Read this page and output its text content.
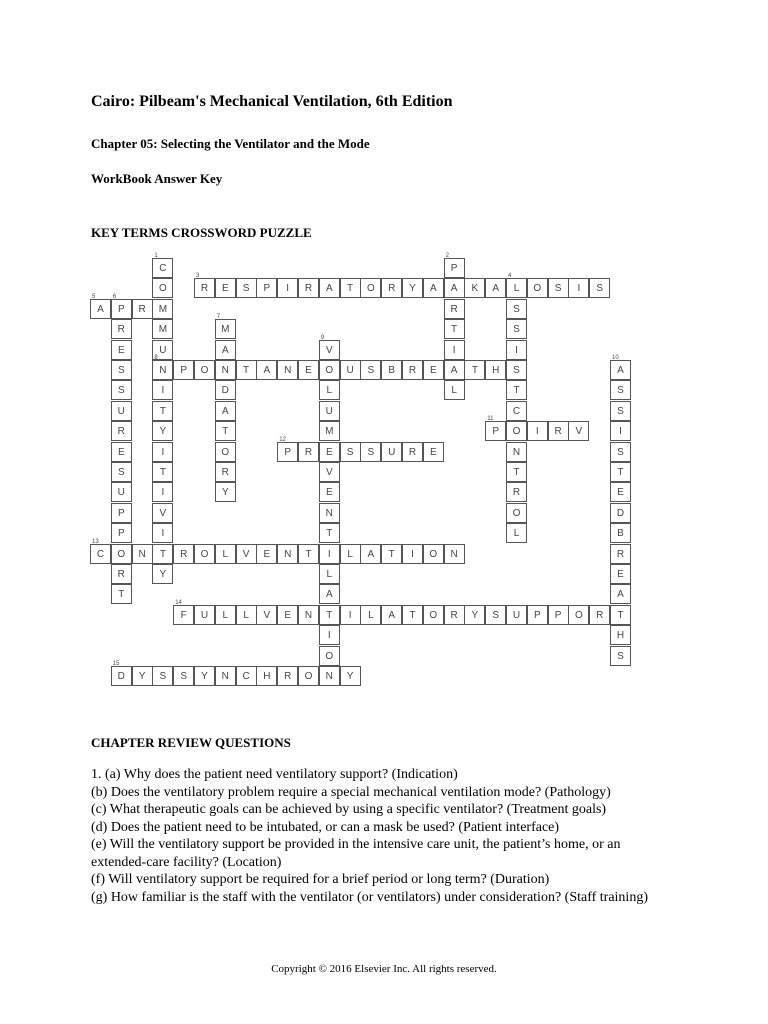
Cairo: Pilbeam's Mechanical Ventilation, 6th Edition
Chapter 05: Selecting the Ventilator and the Mode
WorkBook Answer Key
KEY TERMS CROSSWORD PUZZLE
C
1
O
M
M
U
N
8
I
T
Y
P
2
A
R
T
I
A
L
R
3
E	S	P	I	R	A	T	O	R	Y	A	K	A	L
4
O	S	I	S
S
S
I
S
T
C
O
N
T
R
O
L
A
5
P
6
R
R
E
S
S
U
R
E
S
U
P
P
O
R
T
M
7
A
N
D
A
T
O
R
Y
I
T
I
V
I
T
Y
P	O	T	A	N	E	O	U	S	B	R	E	T	H
V
9
L
U
M
E
V
E
N
T
I
L
A
T
I
O
N
A
10
S
S
I
S
T
E
D
B
R
E
A
T
H
S
P
11
I	R	V
P
12
R	S	S	U	R	E
C
13
N	R	O	L	V	E	N	T	L	A	T	I	O	N
F
14
U	L	L	V	E	N	I	L	A	T	O	R	Y	S	U	P	P	O	R
D
15
Y	S	S	Y	N	C	H	R	O	Y
CHAPTER REVIEW QUESTIONS
1. (a) Why does the patient need ventilatory support? (Indication)
(b) Does the ventilatory problem require a special mechanical ventilation mode? (Pathology)
(c) What therapeutic goals can be achieved by using a specific ventilator? (Treatment goals)
(d) Does the patient need to be intubated, or can a mask be used? (Patient interface)
(e) Will the ventilatory support be provided in the intensive care unit, the patient’s home, or an extended-care facility? (Location)
(f) Will ventilatory support be required for a brief period or long term? (Duration)
(g) How familiar is the staff with the ventilator (or ventilators) under consideration? (Staff training)
Copyright © 2016 Elsevier Inc. All rights reserved.
